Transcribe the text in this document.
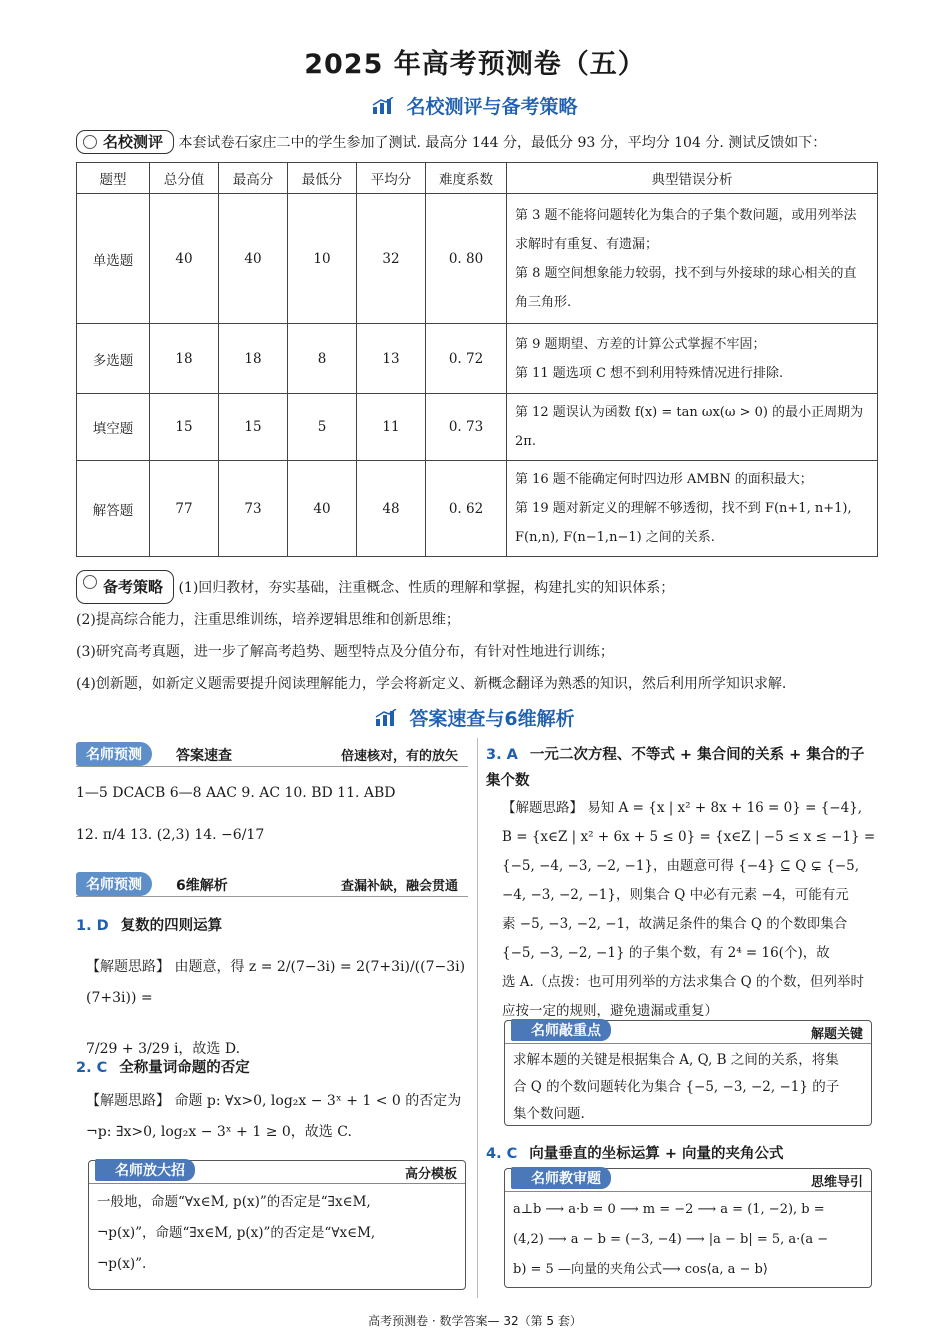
2025 年高考预测卷（五）
名校测评与备考策略
名校测评 本套试卷石家庄二中的学生参加了测试. 最高分 144 分，最低分 93 分，平均分 104 分. 测试反馈如下：
题型	总分值	最高分	最低分	平均分	难度系数	典型错误分析
单选题	40	40	10	32	0. 80	第 3 题不能将问题转化为集合的子集个数问题，或用列举法求解时有重复、有遗漏；
第 8 题空间想象能力较弱，找不到与外接球的球心相关的直角三角形.

多选题	18	18	8	13	0. 72	第 9 题期望、方差的计算公式掌握不牢固；
第 11 题选项 C 想不到利用特殊情况进行排除.

填空题	15	15	5	11	0. 73	第 12 题误认为函数 f(x) = tan ωx(ω > 0) 的最小正周期为 2π.

解答题	77	73	40	48	0. 62	第 16 题不能确定何时四边形 AMBN 的面积最大；
第 19 题对新定义的理解不够透彻，找不到 F(n+1, n+1), F(n,n), F(n−1,n−1) 之间的关系.
备考策略 (1)回归教材，夯实基础，注重概念、性质的理解和掌握，构建扎实的知识体系；
(2)提高综合能力，注重思维训练，培养逻辑思维和创新思维；
(3)研究高考真题，进一步了解高考趋势、题型特点及分值分布，有针对性地进行训练；
(4)创新题，如新定义题需要提升阅读理解能力，学会将新定义、新概念翻译为熟悉的知识，然后利用所学知识求解.
答案速查与6维解析
名师预测 答案速查	倍速核对，有的放矢
1—5 DCACB 6—8 AAC 9. AC 10. BD 11. ABD
12. π/4 13. (2,3) 14. −6/17
名师预测 6维解析	查漏补缺，融会贯通
1. D 复数的四则运算
【解题思路】 由题意，得 z = 2/(7−3i) = 2(7+3i)/((7−3i)(7+3i)) =
7/29 + 3/29 i，故选 D.
2. C 全称量词命题的否定
【解题思路】 命题 p: ∀x>0, log₂x − 3ˣ + 1 < 0 的否定为
¬p: ∃x>0, log₂x − 3ˣ + 1 ≥ 0，故选 C.
名师放大招	高分模板
一般地，命题“∀x∈M, p(x)”的否定是“∃x∈M,
¬p(x)”，命题“∃x∈M, p(x)”的否定是“∀x∈M,
¬p(x)”.
3. A 一元二次方程、不等式 + 集合间的关系 + 集合的子集个数
【解题思路】 易知 A = {x | x² + 8x + 16 = 0} = {−4},
B = {x∈Z | x² + 6x + 5 ≤ 0} = {x∈Z | −5 ≤ x ≤ −1} =
{−5, −4, −3, −2, −1}，由题意可得 {−4} ⊆ Q ⊊ {−5,
−4, −3, −2, −1}，则集合 Q 中必有元素 −4，可能有元
素 −5, −3, −2, −1，故满足条件的集合 Q 的个数即集合
{−5, −3, −2, −1} 的子集个数，有 2⁴ = 16(个)，故
选 A.（点拨：也可用列举的方法求集合 Q 的个数，但列举时
应按一定的规则，避免遗漏或重复）
名师敲重点	解题关键
求解本题的关键是根据集合 A, Q, B 之间的关系，将集
合 Q 的个数问题转化为集合 {−5, −3, −2, −1} 的子
集个数问题.
4. C 向量垂直的坐标运算 + 向量的夹角公式
名师教审题	思维导引
a⊥b ⟶ a·b = 0 ⟶ m = −2 ⟶ a = (1, −2), b =
(4,2) ⟶ a − b = (−3, −4) ⟶ |a − b| = 5, a·(a −
b) = 5 —向量的夹角公式⟶ cos⟨a, a − b⟩
高考预测卷 · 数学答案— 32（第 5 套）
